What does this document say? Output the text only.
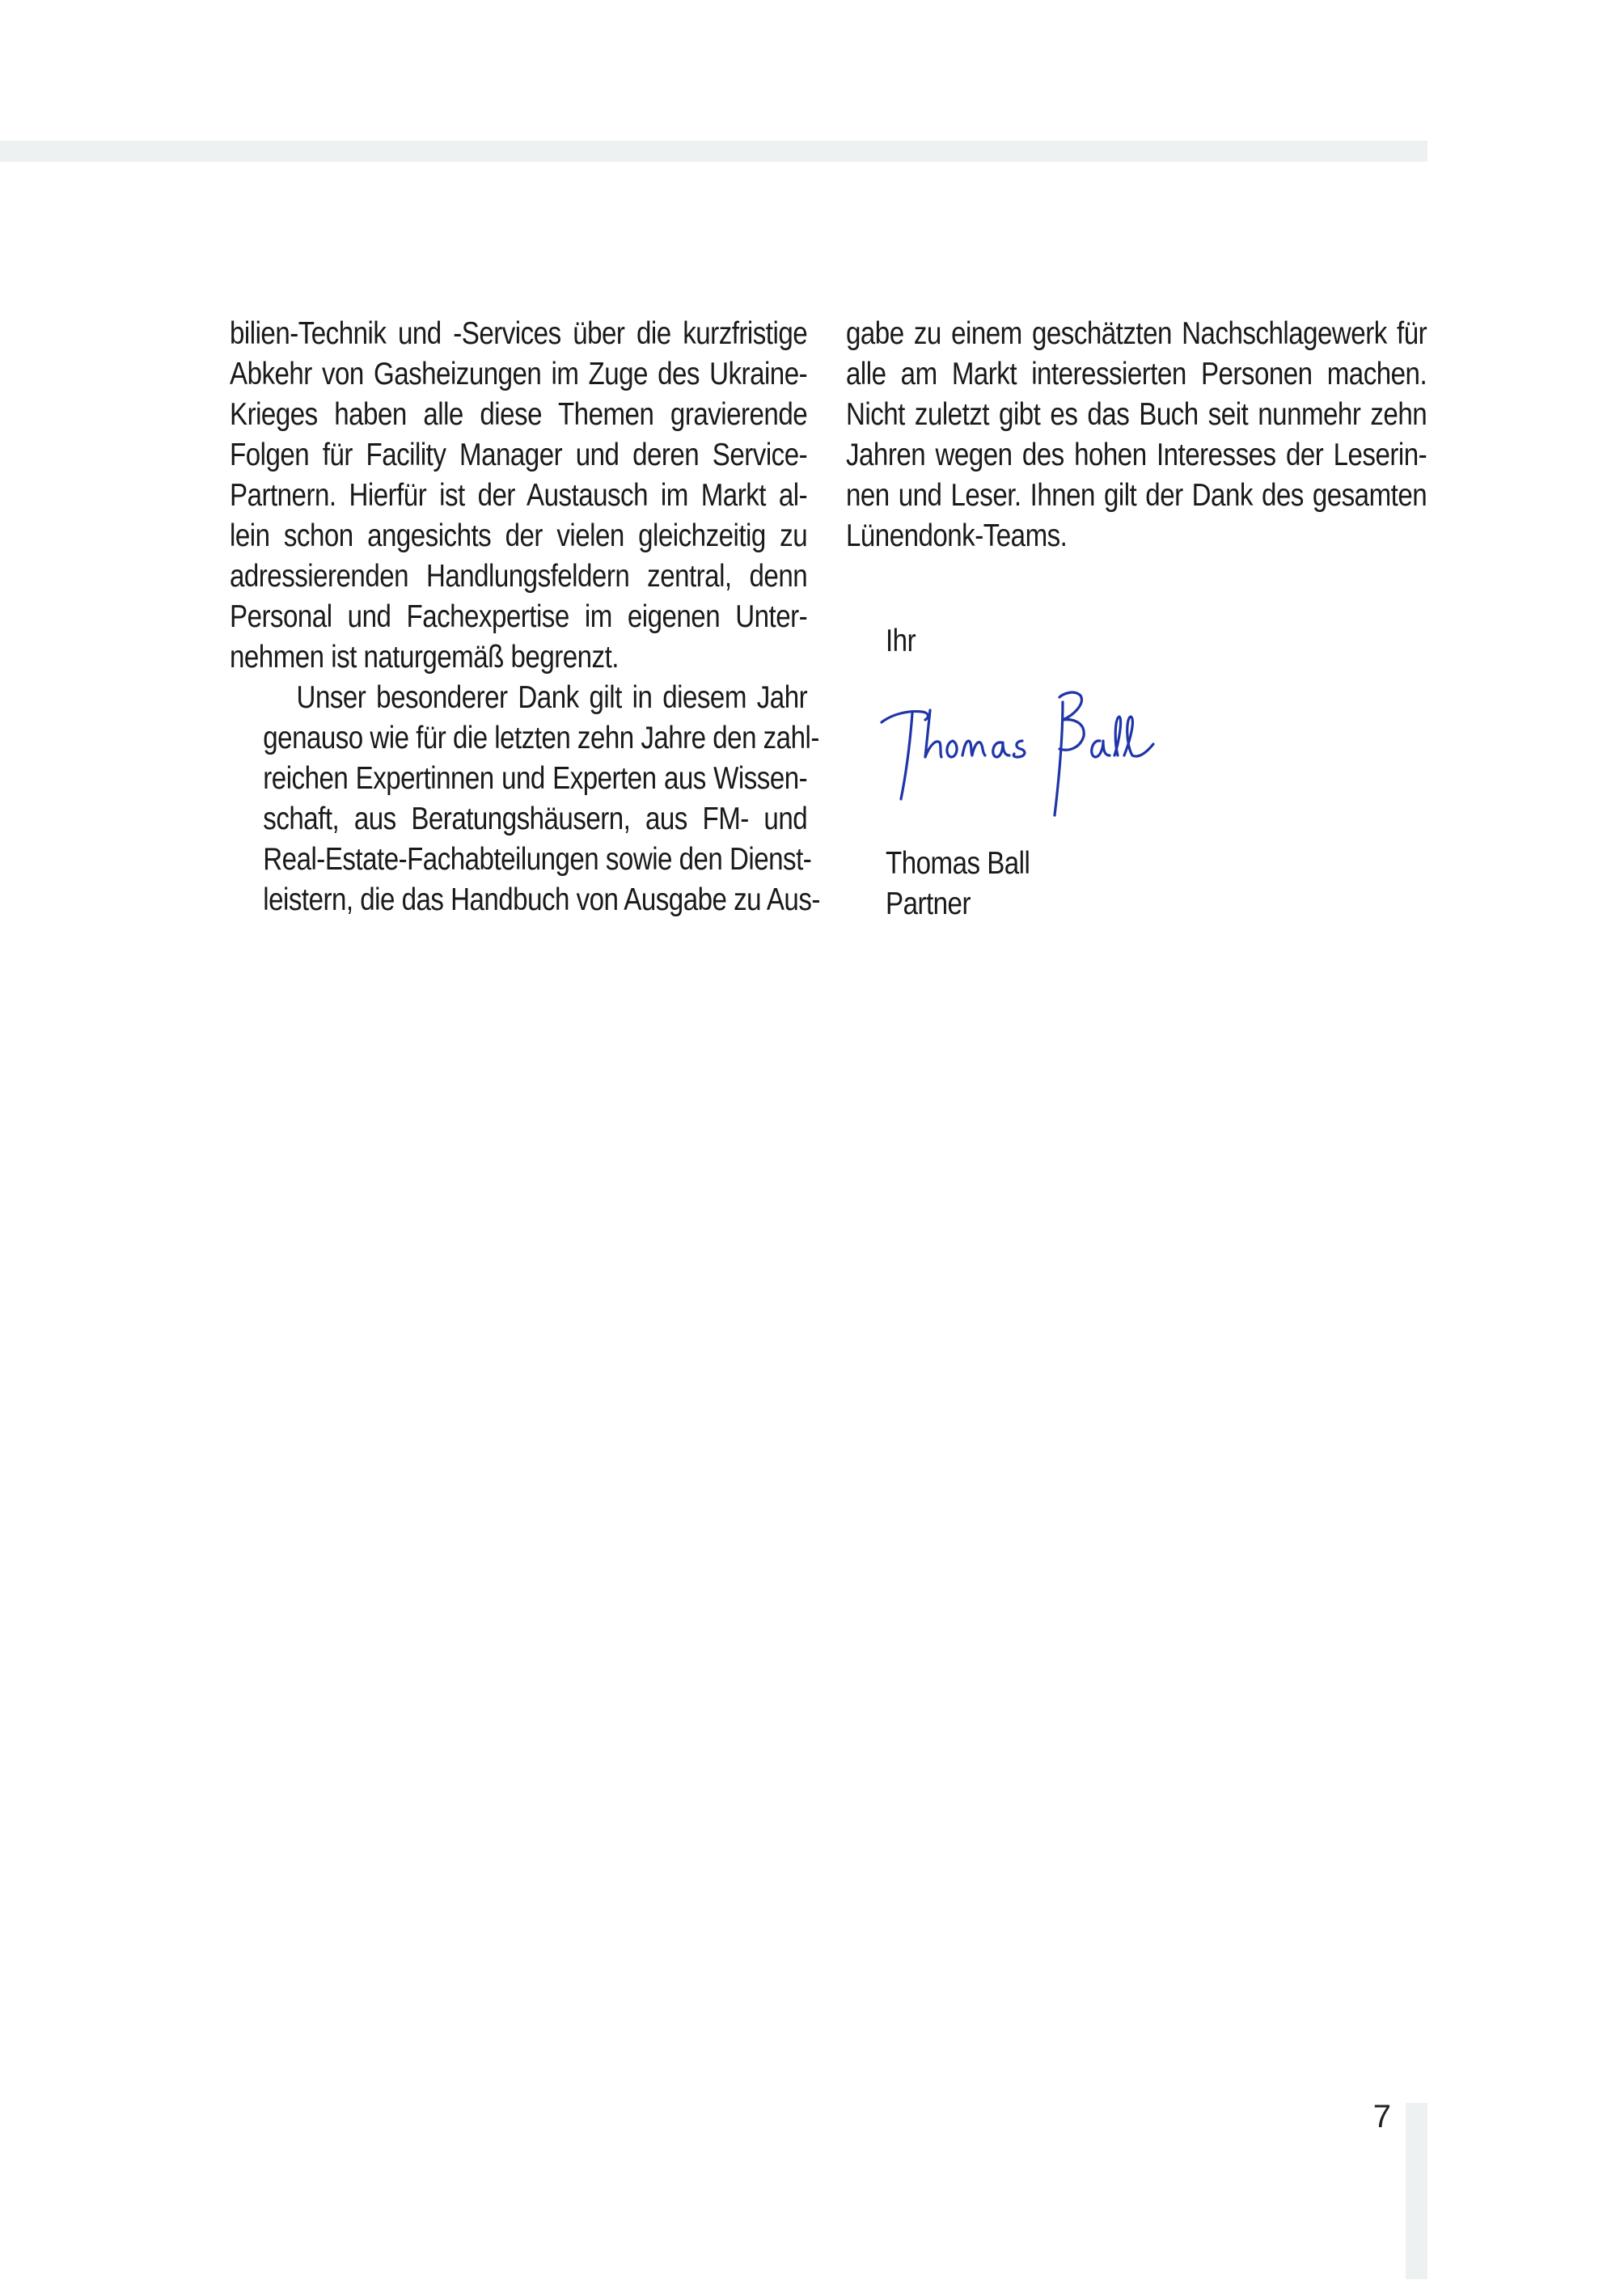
bilien-Technik und -Services über die kurzfristige
Abkehr von Gasheizungen im Zuge des Ukraine-
Krieges haben alle diese Themen gravierende
Folgen für Facility Manager und deren Service-
Partnern. Hierfür ist der Austausch im Markt al-
lein schon angesichts der vielen gleichzeitig zu
adressierenden Handlungsfeldern zentral, denn
Personal und Fachexpertise im eigenen Unter-
nehmen ist naturgemäß begrenzt.

Unser besonderer Dank gilt in diesem Jahr
genauso wie für die letzten zehn Jahre den zahl-
reichen Expertinnen und Experten aus Wissen-
schaft, aus Beratungshäusern, aus FM- und
Real-Estate-Fachabteilungen sowie den Dienst-
leistern, die das Handbuch von Ausgabe zu Aus-

gabe zu einem geschätzten Nachschlagewerk für
alle am Markt interessierten Personen machen.
Nicht zuletzt gibt es das Buch seit nunmehr zehn
Jahren wegen des hohen Interesses der Leserin-
nen und Leser. Ihnen gilt der Dank des gesamten
Lünendonk-Teams.

Ihr
Thomas Ball
Partner
7
